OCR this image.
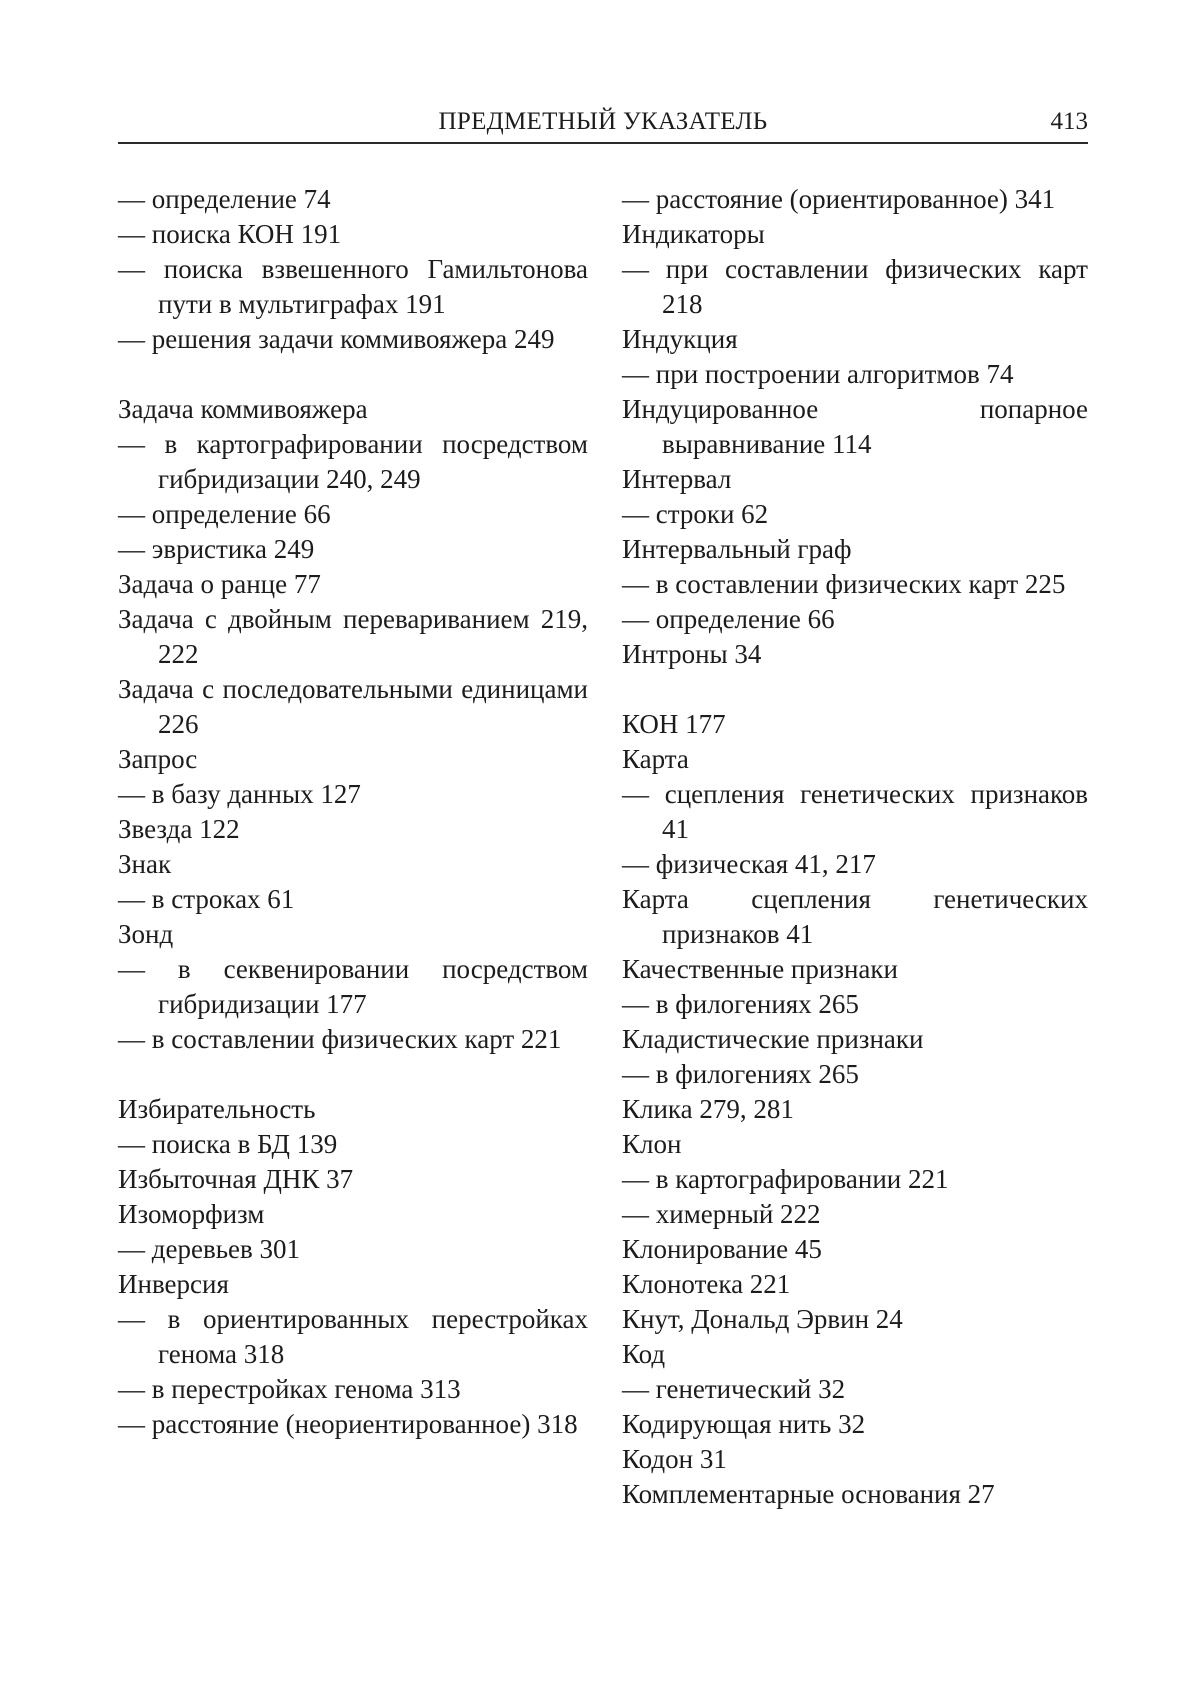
ПРЕДМЕТНЫЙ УКАЗАТЕЛЬ	413
— определение 74
— поиска КОН 191
— поиска взвешенного Гамильтонова пути в мультиграфах 191
— решения задачи коммивояжера 249
Задача коммивояжера
— в картографировании посредством гибридизации 240, 249
— определение 66
— эвристика 249
Задача о ранце 77
Задача с двойным перевариванием 219, 222
Задача с последовательными единицами 226
Запрос
— в базу данных 127
Звезда 122
Знак
— в строках 61
Зонд
— в секвенировании посредством гибридизации 177
— в составлении физических карт 221
Избирательность
— поиска в БД 139
Избыточная ДНК 37
Изоморфизм
— деревьев 301
Инверсия
— в ориентированных перестройках генома 318
— в перестройках генома 313
— расстояние (неориентированное) 318
— расстояние (ориентированное) 341
Индикаторы
— при составлении физических карт 218
Индукция
— при построении алгоритмов 74
Индуцированное попарное выравнивание 114
Интервал
— строки 62
Интервальный граф
— в составлении физических карт 225
— определение 66
Интроны 34
КОН 177
Карта
— сцепления генетических признаков 41
— физическая 41, 217
Карта сцепления генетических признаков 41
Качественные признаки
— в филогениях 265
Кладистические признаки
— в филогениях 265
Клика 279, 281
Клон
— в картографировании 221
— химерный 222
Клонирование 45
Клонотека 221
Кнут, Дональд Эрвин 24
Код
— генетический 32
Кодирующая нить 32
Кодон 31
Комплементарные основания 27
